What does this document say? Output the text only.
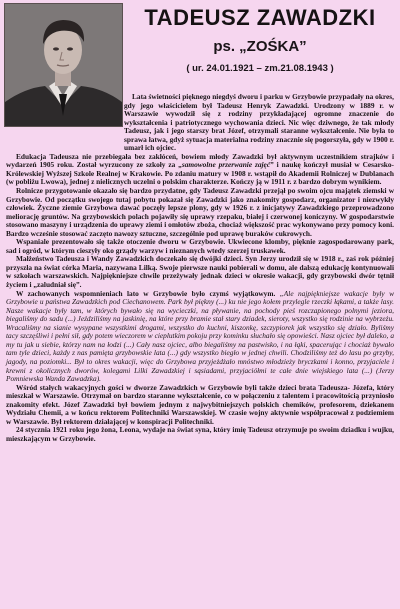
TADEUSZ ZAWADZKI
ps. „ZOŚKA”
( ur. 24.01.1921 – zm.21.08.1943 )

Lata świetności pięknego niegdyś dworu i parku w Grzybowie przypadały na okres, gdy jego właścicielem był Tadeusz Henryk Zawadzki. Urodzony w 1889 r. w Warszawie wywodził się z rodziny przykładającej ogromne znaczenie do wykształcenia i patriotycznego wychowania dzieci. Nic więc dziwnego, że tak młody Tadeusz, jak i jego starszy brat Józef, otrzymali staranne wykształcenie. Nie była to sprawa łatwa, gdyż sytuacja materialna rodziny znacznie się pogorszyła, gdy w 1900 r. umarł ich ojciec.

Edukacja Tadeusza nie przebiegała bez zakłóceń, bowiem młody Zawadzki był aktywnym uczestnikiem strajków i wydarzeń 1905 roku. Został wyrzucony ze szkoły za „samowolne przerwanie zajęć” i naukę kończył musiał w Cesarsko-Królewskiej Wyższej Szkole Realnej w Krakowie. Po zdaniu matury w 1908 r. wstąpił do Akademii Rolniczej w Dublanach (w pobliżu Lwowa), jednej z nielicznych uczelni o polskim charakterze. Kończy ją w 1911 r. z bardzo dobrym wynikiem.

Rolnicze przygotowanie okazało się bardzo przydatne, gdy Tadeusz Zawadzki przejął po swoim ojcu majątek ziemski w Grzybowie. Od początku swojego tutaj pobytu pokazał się Zawadzki jako znakomity gospodarz, organizator i niezwykły człowiek. Życzne ziemie Grzybowa dawać poczęły lepsze plony, gdy w 1926 r. z inicjatywy Zawadzkiego przeprowadzono meliorację gruntów. Na grzybowskich polach pojawiły się uprawy rzepaku, białej i czerwonej koniczyny. W gospodarstwie stosowano maszyny i urządzenia do uprawy ziemi i omłotów zboża, chociaż większość prac wykonywano przy pomocy koni. Bardzo wcześnie stosować zaczęto nawozy sztuczne, szczególnie pod uprawę buraków cukrowych.

Wspaniale prezentowało się także otoczenie dworu w Grzybowie. Ukwiecone klomby, pięknie zagospodarowany park, sad i ogród, w którym cieszyły oko grządy warzyw i nieznanych wtedy szerzej truskawek.

Małżeństwo Tadeusza i Wandy Zawadzkich doczekało się dwójki dzieci. Syn Jerzy urodził się w 1918 r., zaś rok później przyszła na świat córka Maria, nazywana Lilką. Swoje pierwsze nauki pobierali w domu, ale dalszą edukację kontynuowali w szkołach warszawskich. Najpiękniejsze chwile przeżywały jednak dzieci w okresie wakacji, gdy grzybowski dwór tętnił życiem i „zaludniał się”.

W zachowanych wspomnieniach lato w Grzybowie było czymś wyjątkowym. „Ale najpiękniejsze wakacje były w Grzybowie u państwa Zawadzkich pod Ciechanowem. Park był piękny (...) ku nie jego kołem przylegle rzeczki łąkami, a także lasy. Nasze wakacje były tam, w których bywało się na wycieczki, na pływanie, na pochody pieś rozczapionego polnymi jeziora, biegaliśmy do sadu (...) Jeździliśmy na jaskinię, na które przy bramie stał stary dziadek, sieroty, wszystko się rodzinie na wybrzeżu. Wracaliśmy na sianie wysypane wszystkimi drogami, wszystko do kuchni, kiszonkę, szczypiorek jak wszystko się działo. Byliśmy tacy szczęśliwi i pełni sił, gdy potem wieczorem w cieplutkim pokoju przy kominku słuchało się opowieści. Nasz ojciec był daleko, a my tu jak u siebie, którzy nam na łodzi (...) Cały nasz ojciec, albo biegaliśmy na pastwisko, i na łąki, spacerując i chociaż bywało tam tyle dzieci, każdy z nas pamięta grzybowskie lata (...) gdy wszystko biegło w jednej chwili. Chodziliśmy też do lasu po grzyby, jagody, na poziomki... Był to okres wakacji, więc do Grzybowa przyjeżdżało mnóstwo młodzieży bryczkami i konno, przyjaciele i krewni z okolicznych dworów, kolegami Lilki Zawadzkiej i sąsiadami, przyjaciółmi te całe dnie wiejskiego lata (...) (Jerzy Pomniewska Wanda Zawadzka).

Wśród stałych wakacyjnych gości w dworze Zawadzkich w Grzybowie byli także dzieci brata Tadeusza- Józefa, który mieszkał w Warszawie. Otrzymał on bardzo staranne wykształcenie, co w połączeniu z talentem i pracowitością przyniosło znakomity efekt. Józef Zawadzki był bowiem jednym z najwybitniejszych polskich chemików, profesorem, dziekanem Wydziału Chemii, a w końcu rektorem Politechniki Warszawskiej. W czasie wojny aktywnie współpracował z podziemiem w Warszawie. Był rektorem działającej w konspiracji Politechniki.

24 stycznia 1921 roku jego żona, Leona, wydaje na świat syna, który imię Tadeusz otrzymuje po swoim dziadku i wujku, mieszkającym w Grzybowie.
